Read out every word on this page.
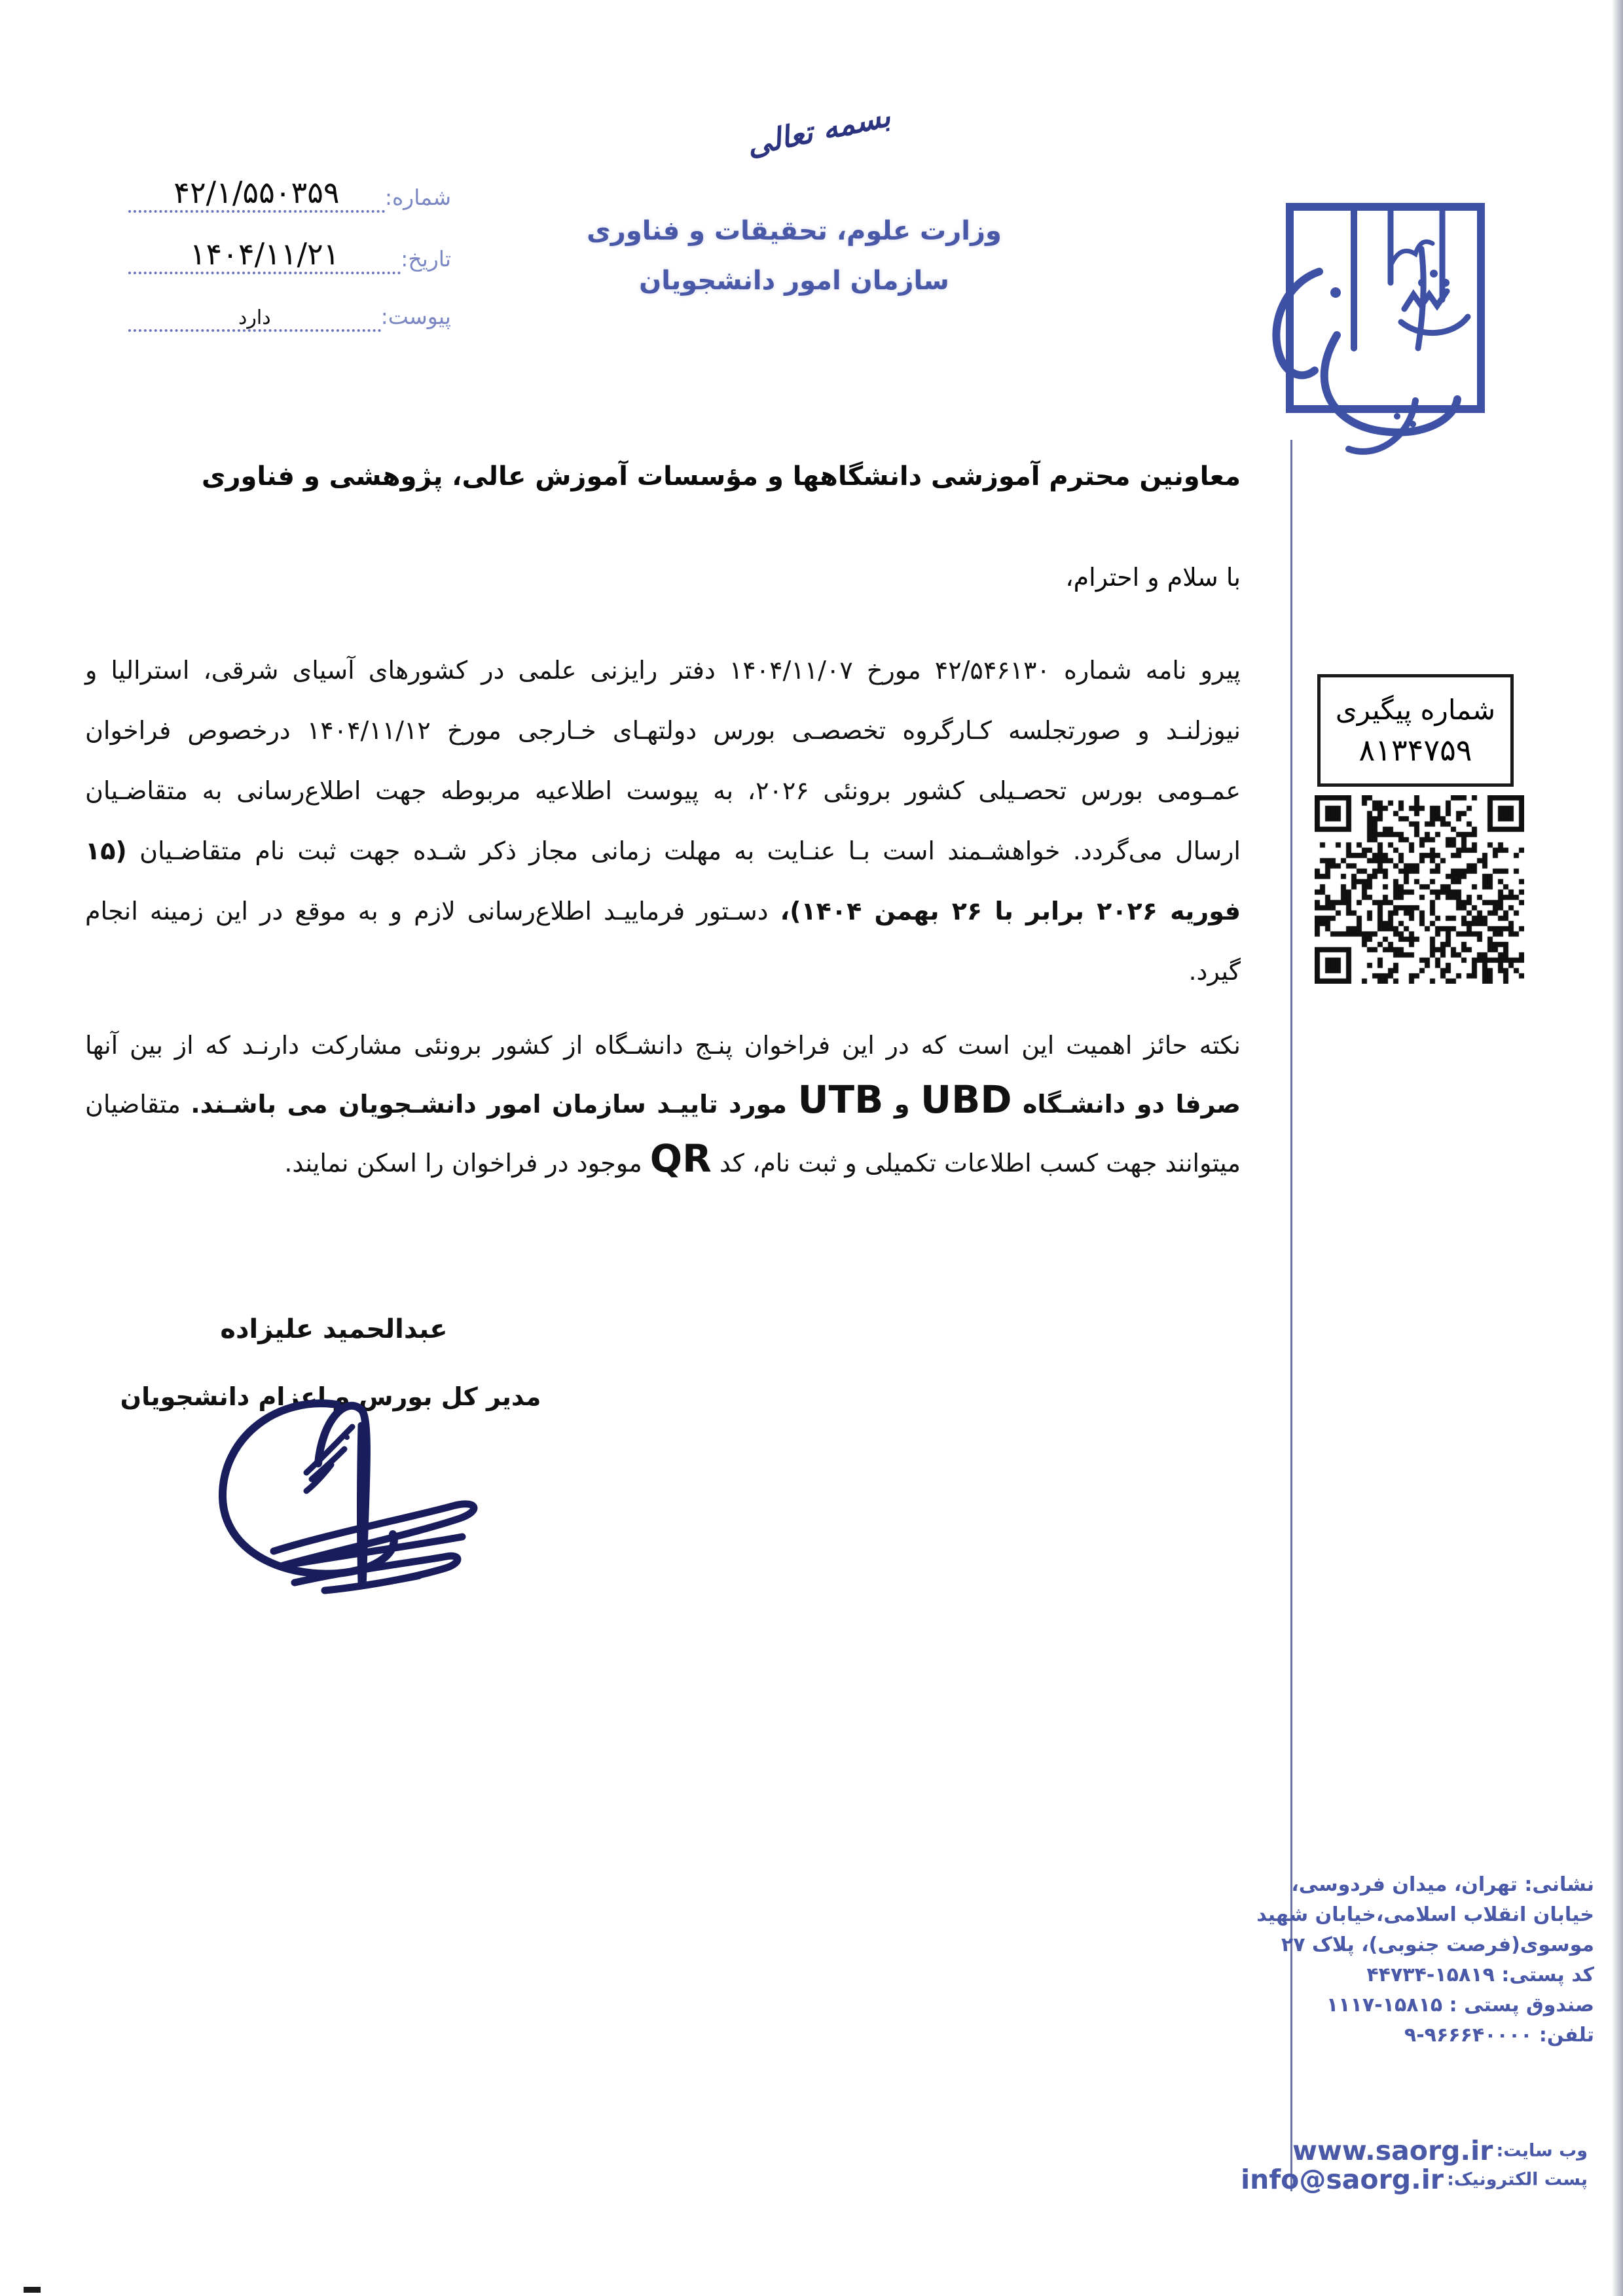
بسمه تعالی
وزارت علوم، تحقیقات و فناوری
سازمان امور دانشجویان
شماره:
۴۲/۱/۵۵۰۳۵۹
تاریخ:
۱۴۰۴/۱۱/۲۱
پیوست:
دارد
شماره پیگیری
۸۱۳۴۷۵۹
معاونین محترم آموزشی دانشگاهها و مؤسسات آموزش عالی، پژوهشی و فناوری
با سلام و احترام،
پیرو نامه شماره ۴۲/۵۴۶۱۳۰ مورخ ۱۴۰۴/۱۱/۰۷ دفتر رایزنی علمی در کشورهای آسیای شرقی، استرالیا و
نیوزلنـد و صورتجلسه کـارگروه تخصصـی بورس دولتهـای خـارجی مورخ ۱۴۰۴/۱۱/۱۲ درخصوص فراخوان
عمـومی بورس تحصـیلی کشور برونئی ۲۰۲۶، به پیوست اطلاعیه مربوطه جهت اطلاع‌رسانی به متقاضـیان
ارسال می‌گردد. خواهشـمند است بـا عنـایت به مهلت زمانی مجاز ذکر شـده جهت ثبت نام متقاضـیان (۱۵
فوریه ۲۰۲۶ برابر با ۲۶ بهمن ۱۴۰۴)، دسـتور فرماییـد اطلاع‌رسانی لازم و به موقع در این زمینه انجام
گیرد.
نکته حائز اهمیت این است که در این فراخوان پنـج دانشـگاه از کشور برونئی مشارکت دارنـد که از بین آنها
صرفا دو دانشـگاه UBD و UTB مورد تاییـد سازمان امور دانشـجویان می باشـند. متقاضیان
میتوانند جهت کسب اطلاعات تکمیلی و ثبت نام، کد QR موجود در فراخوان را اسکن نمایند.
عبدالحمید علیزاده
مدیر کل بورس و اعزام دانشجویان
نشانی: تهران، میدان فردوسی،
خیابان انقلاب اسلامی،خیابان شهید
موسوی(فرصت جنوبی)، پلاک ۲۷
کد پستی: ۱۵۸۱۹-۴۴۷۳۴
صندوق پستی : ۱۵۸۱۵-۱۱۱۷
تلفن: ۹۶۶۶۴۰۰۰۰-۹
وب سایت: www.saorg.ir
پست الکترونیک: info@saorg.ir
